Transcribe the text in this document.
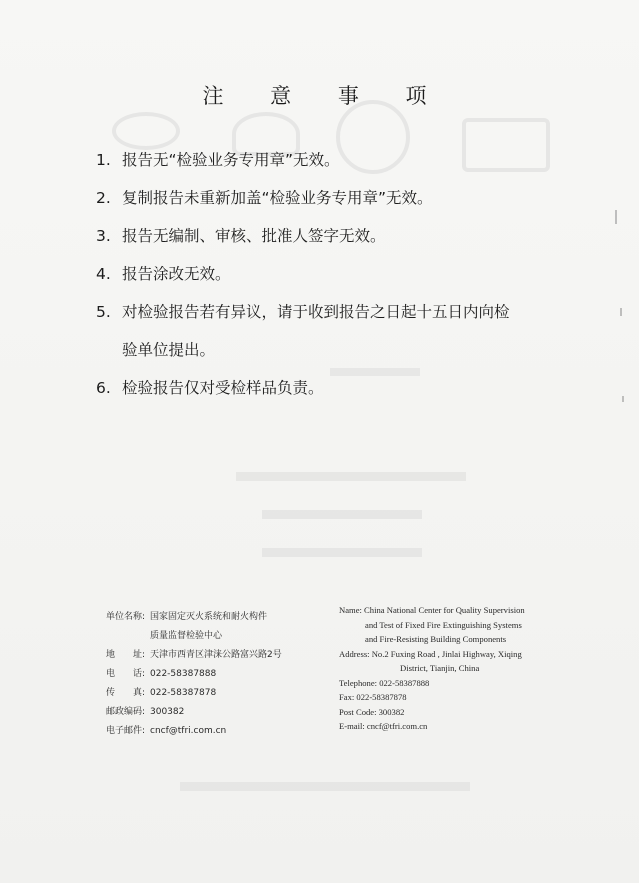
注 意 事 项
1. 报告无“检验业务专用章”无效。
2. 复制报告未重新加盖“检验业务专用章”无效。
3. 报告无编制、审核、批准人签字无效。
4. 报告涂改无效。
5. 对检验报告若有异议，请于收到报告之日起十五日内向检
验单位提出。
6. 检验报告仅对受检样品负责。
单位名称: 国家固定灭火系统和耐火构件
质量监督检验中心
地　　址: 天津市西青区津涞公路富兴路2号
电　　话: 022-58387888
传　　真: 022-58387878
邮政编码: 300382
电子邮件: cncf@tfri.com.cn
Name: China National Center for Quality Supervision
and Test of Fixed Fire Extinguishing Systems
and Fire-Resisting Building Components
Address: No.2 Fuxing Road , Jinlai Highway, Xiqing
District, Tianjin, China
Telephone: 022-58387888
Fax: 022-58387878
Post Code: 300382
E-mail: cncf@tfri.com.cn
